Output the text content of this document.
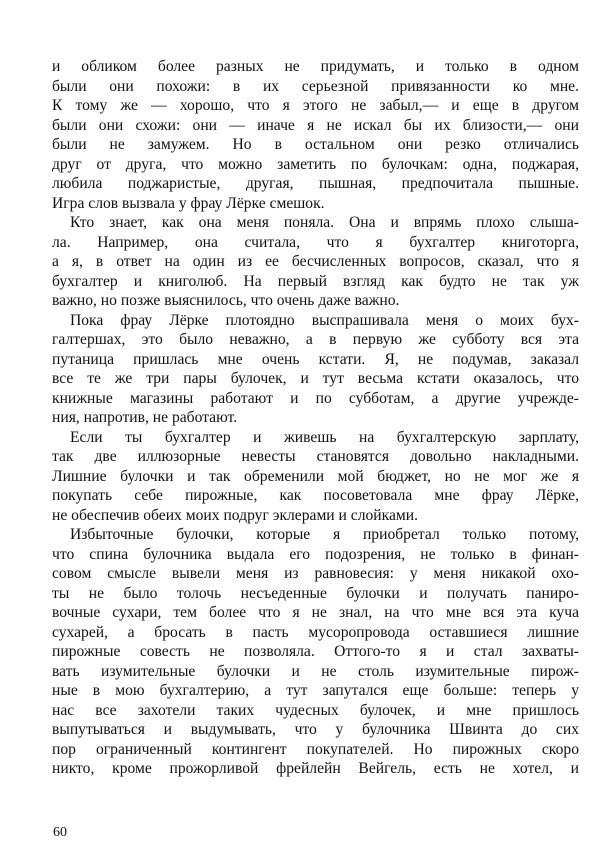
и обликом более разных не придумать, и только в одном
были они похожи: в их серьезной привязанности ко мне.
К тому же — хорошо, что я этого не забыл,— и еще в другом
были они схожи: они — иначе я не искал бы их близости,— они
были не замужем. Но в остальном они резко отличались
друг от друга, что можно заметить по булочкам: одна, поджарая,
любила поджаристые, другая, пышная, предпочитала пышные.
Игра слов вызвала у фрау Лёрке смешок.
Кто знает, как она меня поняла. Она и впрямь плохо слыша-
ла. Например, она считала, что я бухгалтер книготорга,
а я, в ответ на один из ее бесчисленных вопросов, сказал, что я
бухгалтер и книголюб. На первый взгляд как будто не так уж
важно, но позже выяснилось, что очень даже важно.
Пока фрау Лёрке плотоядно выспрашивала меня о моих бух-
галтершах, это было неважно, а в первую же субботу вся эта
путаница пришлась мне очень кстати. Я, не подумав, заказал
все те же три пары булочек, и тут весьма кстати оказалось, что
книжные магазины работают и по субботам, а другие учрежде-
ния, напротив, не работают.
Если ты бухгалтер и живешь на бухгалтерскую зарплату,
так две иллюзорные невесты становятся довольно накладными.
Лишние булочки и так обременили мой бюджет, но не мог же я
покупать себе пирожные, как посоветовала мне фрау Лёрке,
не обеспечив обеих моих подруг эклерами и слойками.
Избыточные булочки, которые я приобретал только потому,
что спина булочника выдала его подозрения, не только в финан-
совом смысле вывели меня из равновесия: у меня никакой охо-
ты не было толочь несъеденные булочки и получать паниро-
вочные сухари, тем более что я не знал, на что мне вся эта куча
сухарей, а бросать в пасть мусоропровода оставшиеся лишние
пирожные совесть не позволяла. Оттого-то я и стал захваты-
вать изумительные булочки и не столь изумительные пирож-
ные в мою бухгалтерию, а тут запутался еще больше: теперь у
нас все захотели таких чудесных булочек, и мне пришлось
выпутываться и выдумывать, что у булочника Швинта до сих
пор ограниченный контингент покупателей. Но пирожных скоро
никто, кроме прожорливой фрейлейн Вейгель, есть не хотел, и
60
